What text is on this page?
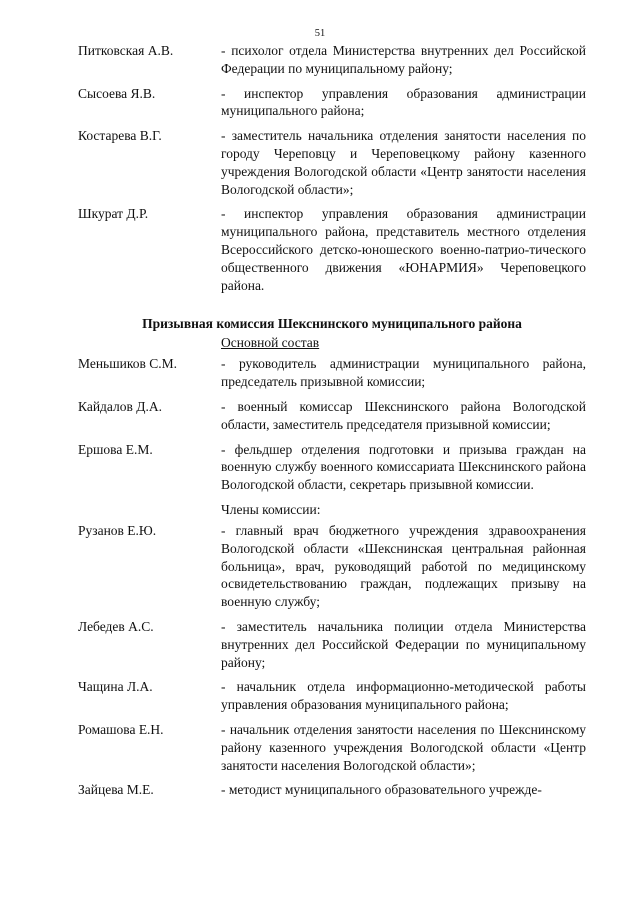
51
Питковская А.В.	- психолог отдела Министерства внутренних дел Российской Федерации по муниципальному району;
Сысоева Я.В.	- инспектор управления образования администрации муниципального района;
Костарева В.Г.	- заместитель начальника отделения занятости населения по городу Череповцу и Череповецкому району казенного учреждения Вологодской области «Центр занятости населения Вологодской области»;
Шкурат Д.Р.	- инспектор управления образования администрации муниципального района, представитель местного отделения Всероссийского детско-юношеского военно-патрио-тического общественного движения «ЮНАРМИЯ» Череповецкого района.
Призывная комиссия Шекснинского муниципального района
Основной состав
Меньшиков С.М.	- руководитель администрации муниципального района, председатель призывной комиссии;
Кайдалов Д.А.	- военный комиссар Шекснинского района Вологодской области, заместитель председателя призывной комиссии;
Ершова Е.М.	- фельдшер отделения подготовки и призыва граждан на военную службу военного комиссариата Шекснинского района Вологодской области, секретарь призывной комиссии.
Члены комиссии:
Рузанов Е.Ю.	- главный врач бюджетного учреждения здравоохранения Вологодской области «Шекснинская центральная районная больница», врач, руководящий работой по медицинскому освидетельствованию граждан, подлежащих призыву на военную службу;
Лебедев А.С.	- заместитель начальника полиции отдела Министерства внутренних дел Российской Федерации по муниципальному району;
Чащина Л.А.	- начальник отдела информационно-методической работы управления образования муниципального района;
Ромашова Е.Н.	- начальник отделения занятости населения по Шекснинскому району казенного учреждения Вологодской области «Центр занятости населения Вологодской области»;
Зайцева М.Е.	- методист муниципального образовательного учрежде-
